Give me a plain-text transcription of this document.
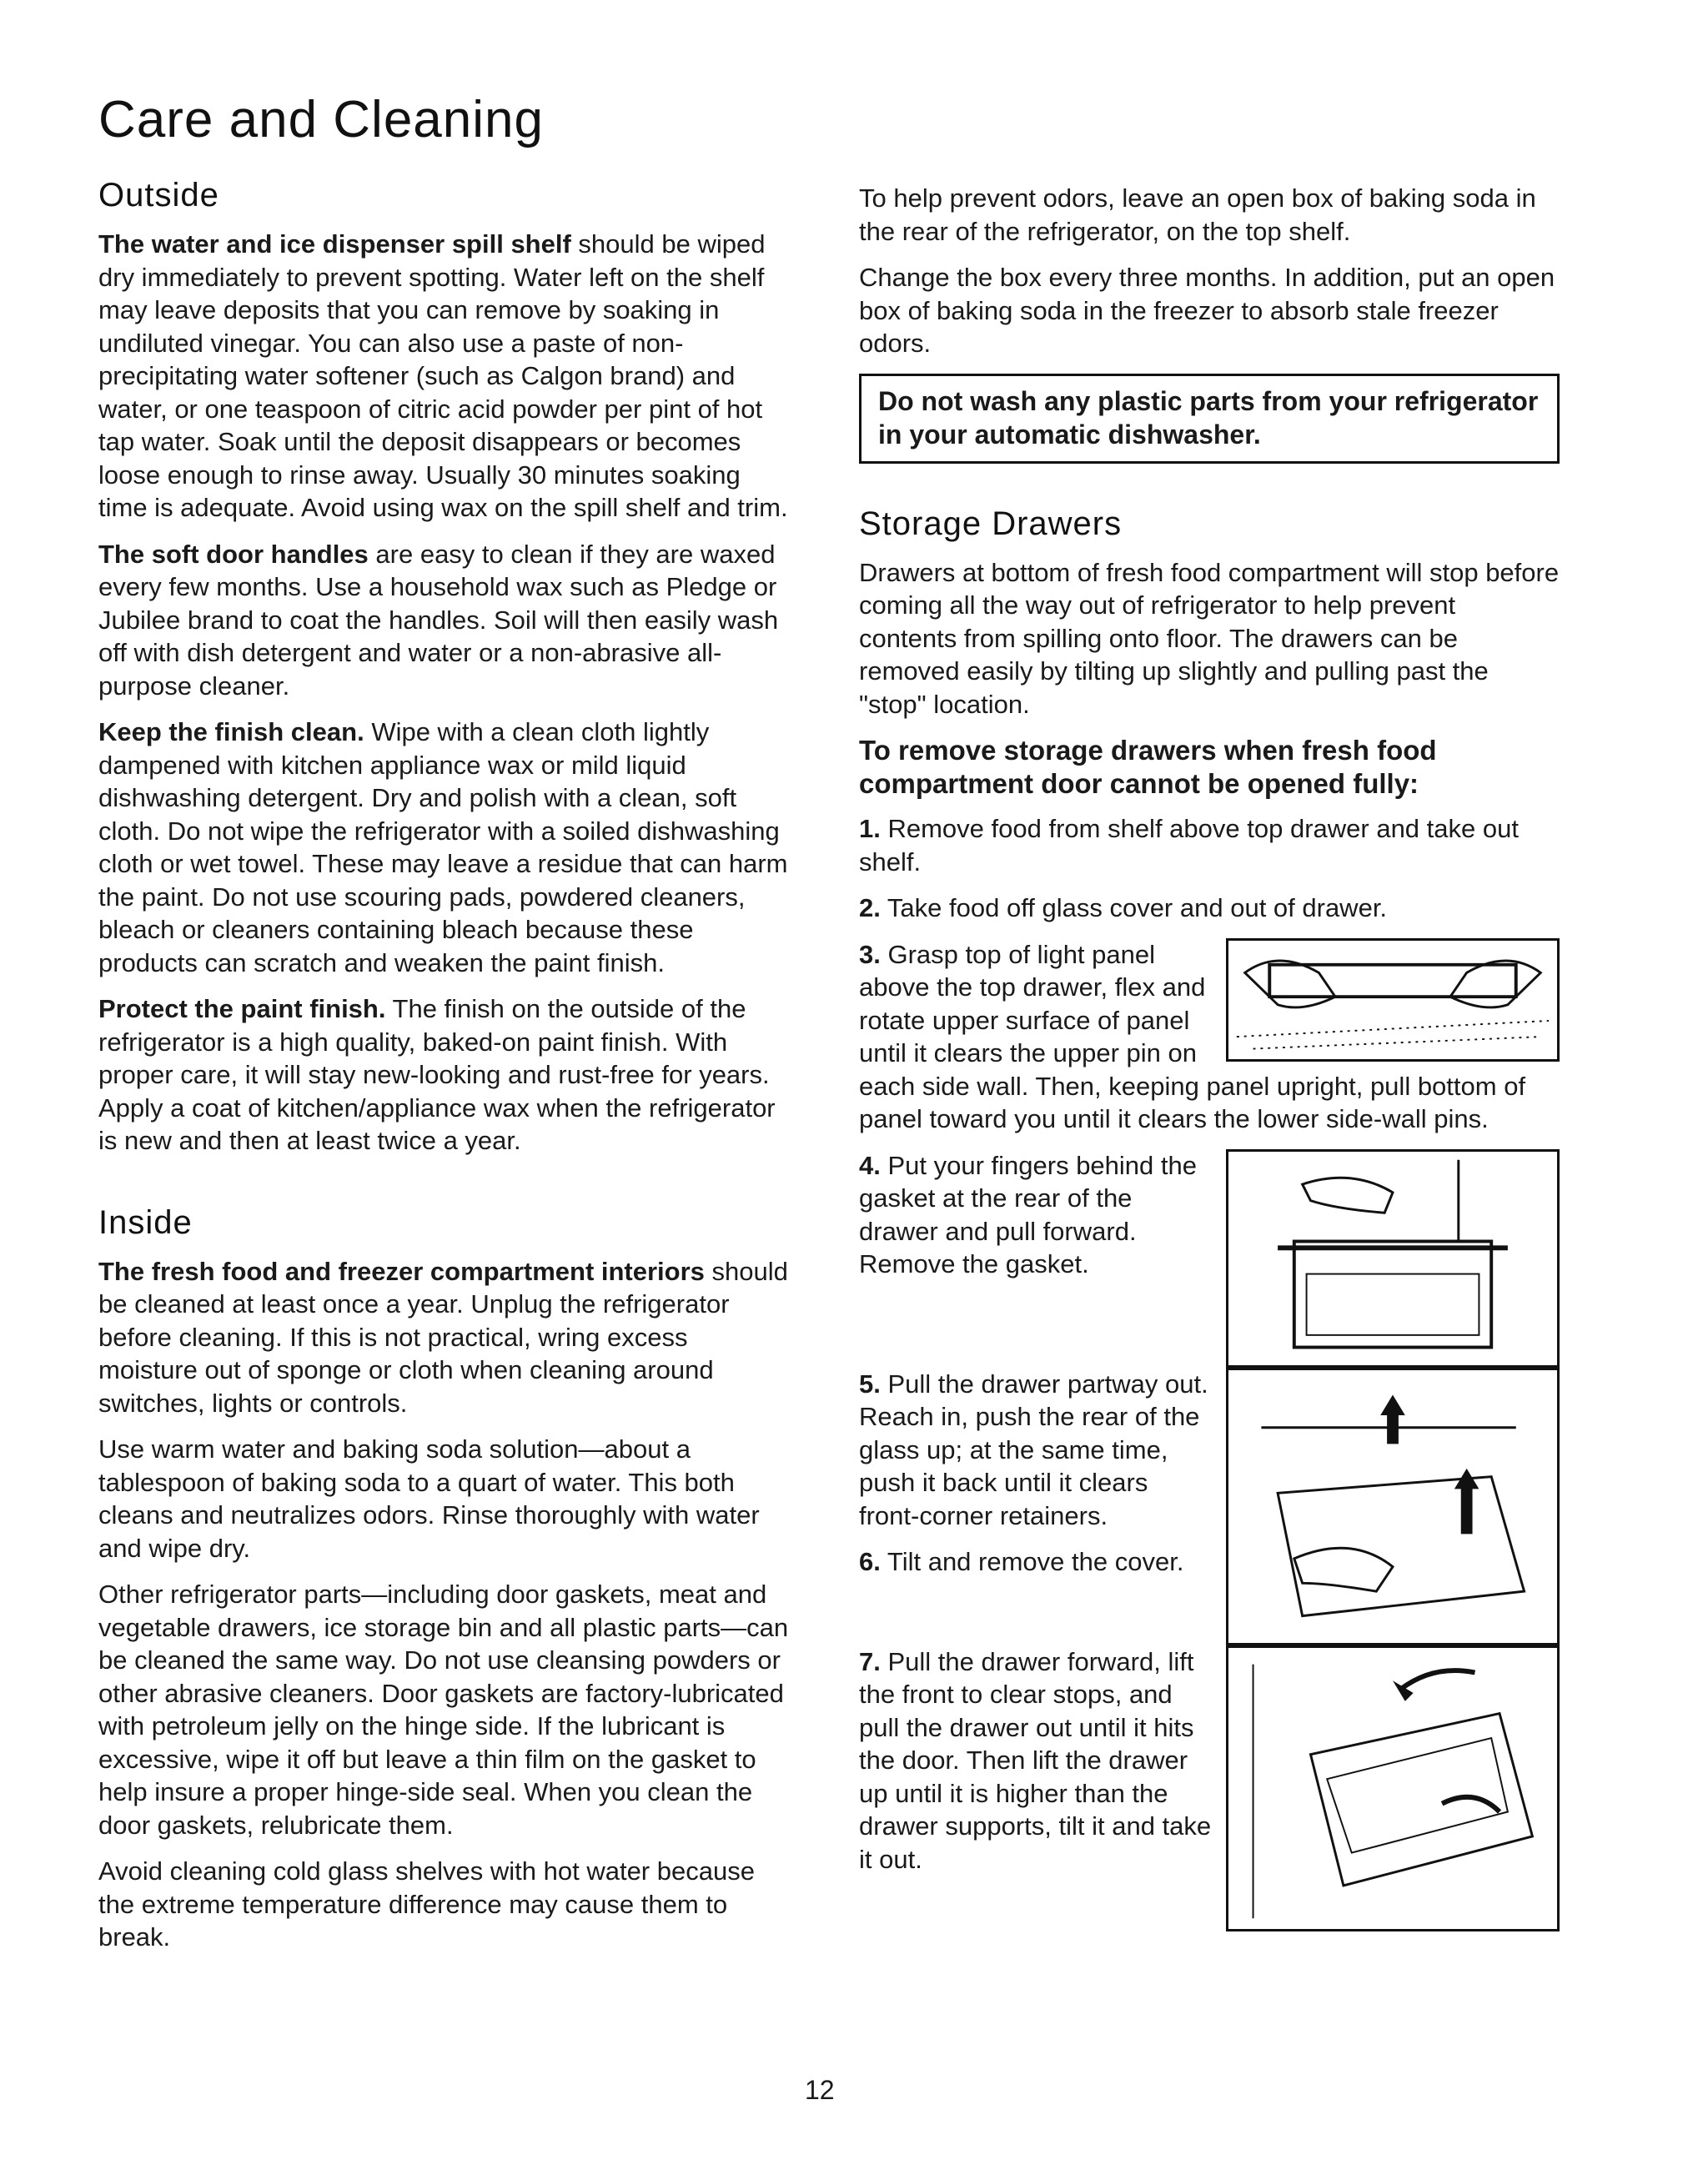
Care and Cleaning
Outside

The water and ice dispenser spill shelf should be wiped dry immediately to prevent spotting. Water left on the shelf may leave deposits that you can remove by soaking in undiluted vinegar. You can also use a paste of non-precipitating water softener (such as Calgon brand) and water, or one teaspoon of citric acid powder per pint of hot tap water. Soak until the deposit disappears or becomes loose enough to rinse away. Usually 30 minutes soaking time is adequate. Avoid using wax on the spill shelf and trim.

The soft door handles are easy to clean if they are waxed every few months. Use a household wax such as Pledge or Jubilee brand to coat the handles. Soil will then easily wash off with dish detergent and water or a non-abrasive all-purpose cleaner.

Keep the finish clean. Wipe with a clean cloth lightly dampened with kitchen appliance wax or mild liquid dishwashing detergent. Dry and polish with a clean, soft cloth. Do not wipe the refrigerator with a soiled dishwashing cloth or wet towel. These may leave a residue that can harm the paint. Do not use scouring pads, powdered cleaners, bleach or cleaners containing bleach because these products can scratch and weaken the paint finish.

Protect the paint finish. The finish on the outside of the refrigerator is a high quality, baked-on paint finish. With proper care, it will stay new-looking and rust-free for years. Apply a coat of kitchen/appliance wax when the refrigerator is new and then at least twice a year.

Inside

The fresh food and freezer compartment interiors should be cleaned at least once a year. Unplug the refrigerator before cleaning. If this is not practical, wring excess moisture out of sponge or cloth when cleaning around switches, lights or controls.

Use warm water and baking soda solution—about a tablespoon of baking soda to a quart of water. This both cleans and neutralizes odors. Rinse thoroughly with water and wipe dry.

Other refrigerator parts—including door gaskets, meat and vegetable drawers, ice storage bin and all plastic parts—can be cleaned the same way. Do not use cleansing powders or other abrasive cleaners. Door gaskets are factory-lubricated with petroleum jelly on the hinge side. If the lubricant is excessive, wipe it off but leave a thin film on the gasket to help insure a proper hinge-side seal. When you clean the door gaskets, relubricate them.

Avoid cleaning cold glass shelves with hot water because the extreme temperature difference may cause them to break.

To help prevent odors, leave an open box of baking soda in the rear of the refrigerator, on the top shelf.

Change the box every three months. In addition, put an open box of baking soda in the freezer to absorb stale freezer odors.

Do not wash any plastic parts from your refrigerator in your automatic dishwasher.

Storage Drawers

Drawers at bottom of fresh food compartment will stop before coming all the way out of refrigerator to help prevent contents from spilling onto floor. The drawers can be removed easily by tilting up slightly and pulling past the "stop" location.

To remove storage drawers when fresh food compartment door cannot be opened fully:

1. Remove food from shelf above top drawer and take out shelf.

2. Take food off glass cover and out of drawer.

3. Grasp top of light panel above the top drawer, flex and rotate upper surface of panel until it clears the upper pin on each side wall. Then, keeping panel upright, pull bottom of panel toward you until it clears the lower side-wall pins.

4. Put your fingers behind the gasket at the rear of the drawer and pull forward. Remove the gasket.

5. Pull the drawer partway out. Reach in, push the rear of the glass up; at the same time, push it back until it clears front-corner retainers.

6. Tilt and remove the cover.

7. Pull the drawer forward, lift the front to clear stops, and pull the drawer out until it hits the door. Then lift the drawer up until it is higher than the drawer supports, tilt it and take it out.

12
